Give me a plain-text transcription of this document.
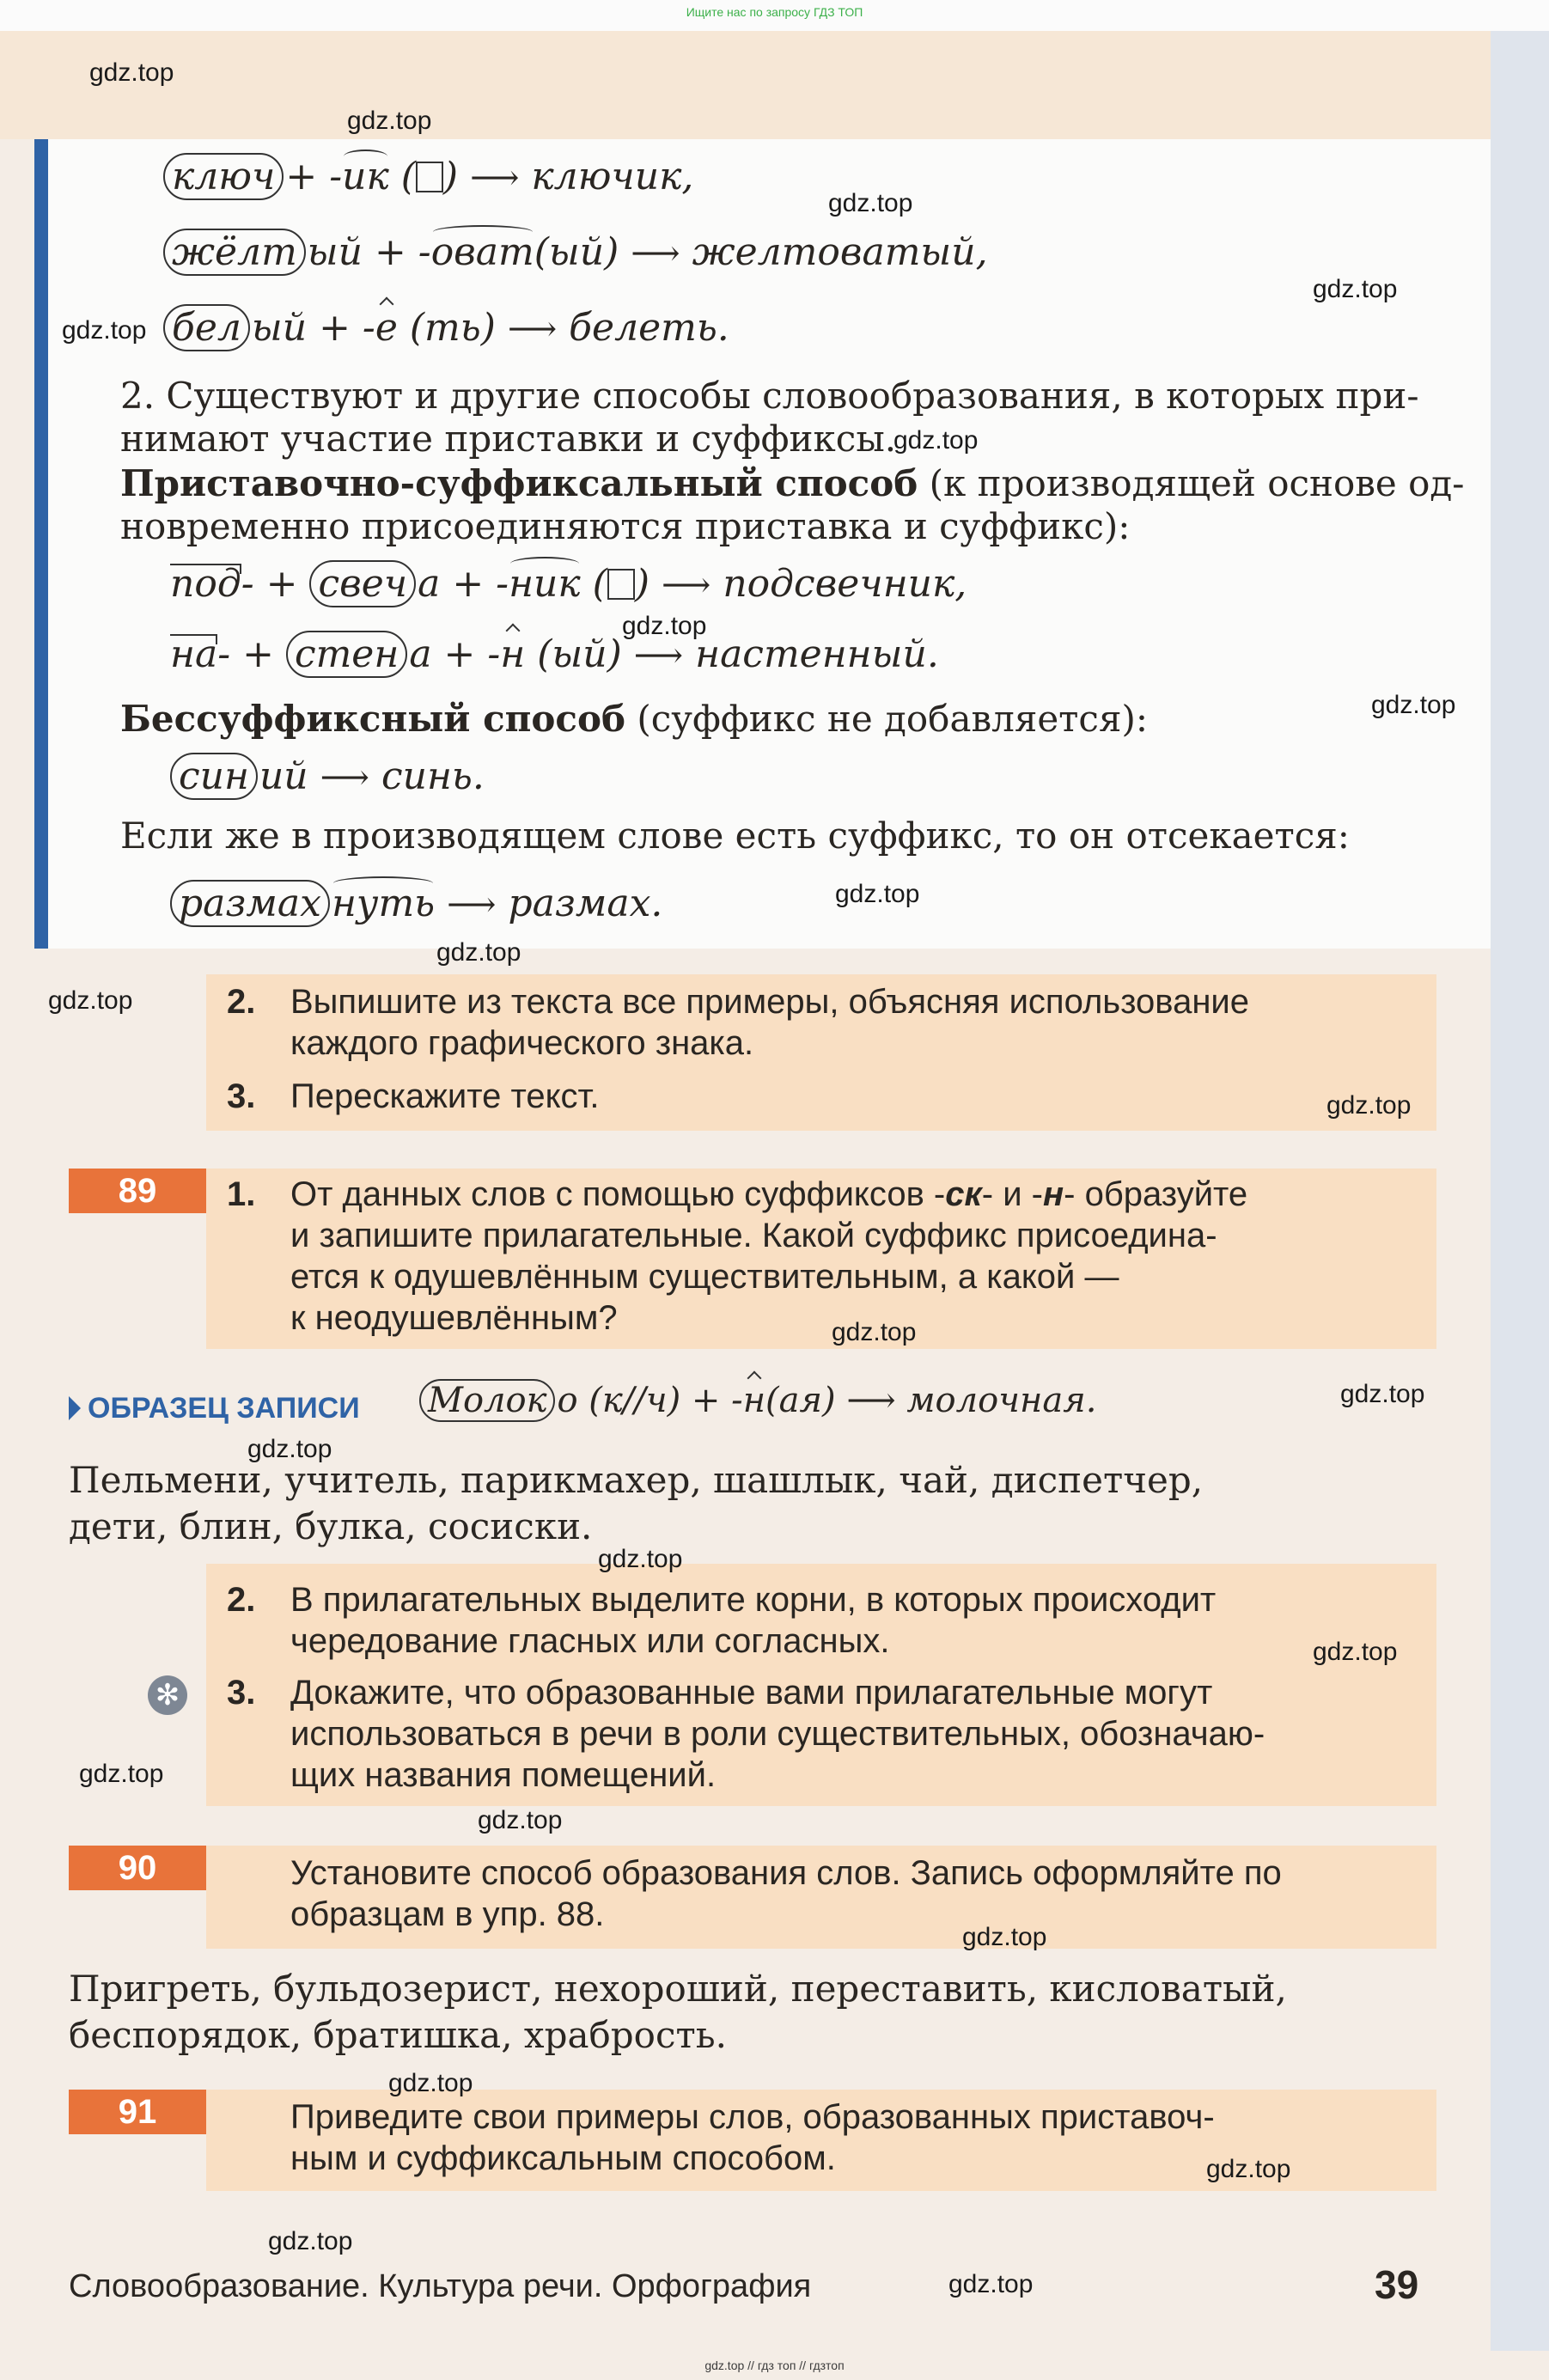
Ищите нас по запросу ГДЗ ТОП
ключ + -ик ( ) ⟶ ключик,
жёлт ый + -оват(ый) ⟶ желтоватый,
бел ый + -е (ть) ⟶ белеть.
2. Существуют и другие способы словообразования, в которых при-
нимают участие приставки и суффиксы.
Приставочно-суффиксальный способ (к производящей основе од-
новременно присоединяются приставка и суффикс):
под- + свеч а + -ник ( ) ⟶ подсвечник,
на- + стен а + -н (ый) ⟶ настенный.
Бессуффиксный способ (суффикс не добавляется):
син ий ⟶ синь.
Если же в производящем слове есть суффикс, то он отсекается:
размах нуть ⟶ размах.
2. Выпишите из текста все примеры, объясняя использование
каждого графического знака.
3. Перескажите текст.
89	1. От данных слов с помощью суффиксов -ск- и -н- образуйте
и запишите прилагательные. Какой суффикс присоедина-
ется к одушевлённым существительным, а какой —
к неодушевлённым?
ОБРАЗЕЦ ЗАПИСИ Молок о (к//ч) + -н(ая) ⟶ молочная.
Пельмени, учитель, парикмахер, шашлык, чай, диспетчер,
дети, блин, булка, сосиски.
2. В прилагательных выделите корни, в которых происходит
чередование гласных или согласных.
✻ 3. Докажите, что образованные вами прилагательные могут
использоваться в речи в роли существительных, обозначаю-
щих названия помещений.
90	Установите способ образования слов. Запись оформляйте по
образцам в упр. 88.
Пригреть, бульдозерист, нехороший, переставить, кисловатый,
беспорядок, братишка, храбрость.
91	Приведите свои примеры слов, образованных приставоч-
ным и суффиксальным способом.
Словообразование. Культура речи. Орфография	39
gdz.top // гдз топ // гдзтоп
gdz.top
gdz.top
gdz.top
gdz.top
gdz.top
gdz.top
gdz.top
gdz.top
gdz.top
gdz.top
gdz.top
gdz.top
gdz.top
gdz.top
gdz.top
gdz.top
gdz.top
gdz.top
gdz.top
gdz.top
gdz.top
gdz.top
gdz.top
gdz.top
